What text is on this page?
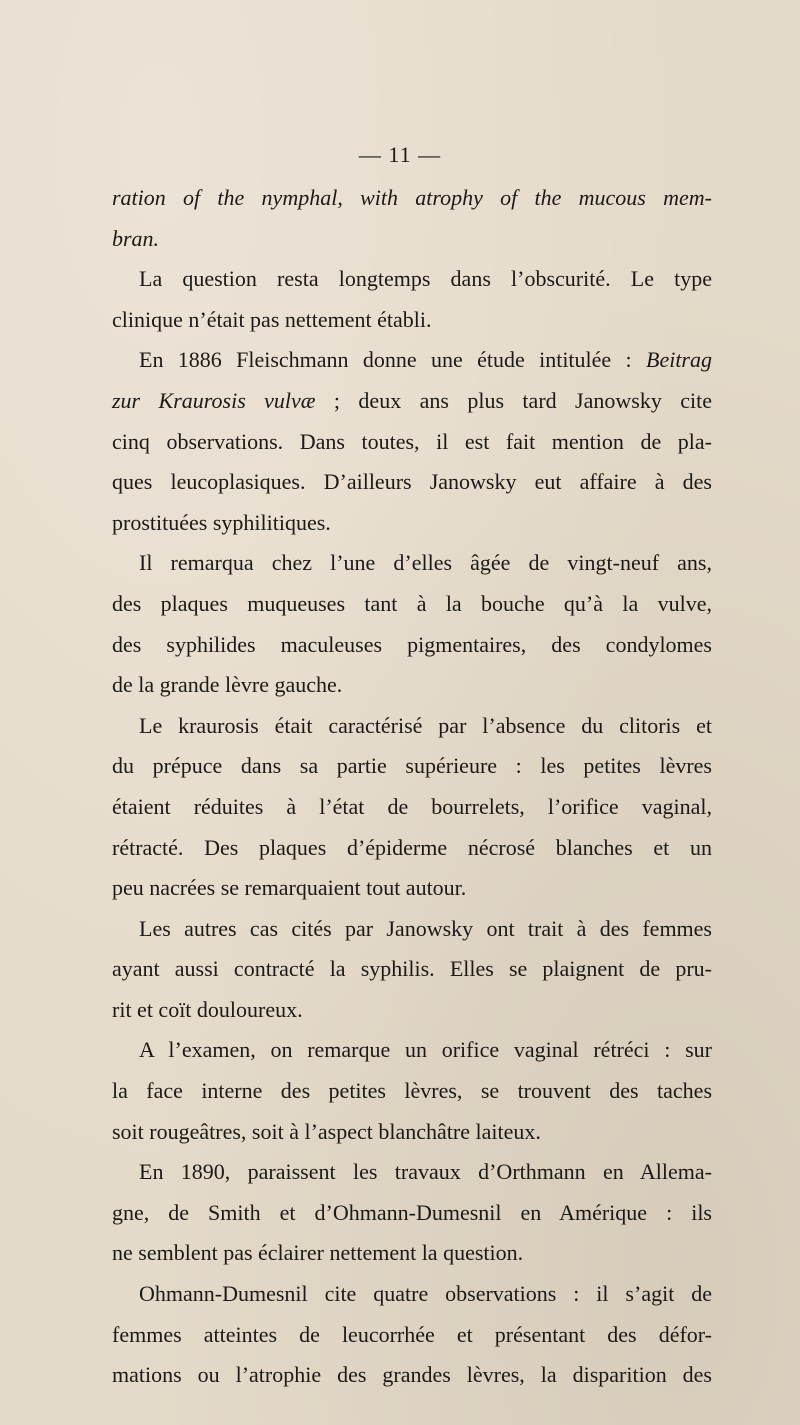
— 11 —
ration of the nymphal, with atrophy of the mucous mem-
bran.
La question resta longtemps dans l’obscurité. Le type
clinique n’était pas nettement établi.
En 1886 Fleischmann donne une étude intitulée : Beitrag
zur Kraurosis vulvæ ; deux ans plus tard Janowsky cite
cinq observations. Dans toutes, il est fait mention de pla-
ques leucoplasiques. D’ailleurs Janowsky eut affaire à des
prostituées syphilitiques.
Il remarqua chez l’une d’elles âgée de vingt-neuf ans,
des plaques muqueuses tant à la bouche qu’à la vulve,
des syphilides maculeuses pigmentaires, des condylomes
de la grande lèvre gauche.
Le kraurosis était caractérisé par l’absence du clitoris et
du prépuce dans sa partie supérieure : les petites lèvres
étaient réduites à l’état de bourrelets, l’orifice vaginal,
rétracté. Des plaques d’épiderme nécrosé blanches et un
peu nacrées se remarquaient tout autour.
Les autres cas cités par Janowsky ont trait à des femmes
ayant aussi contracté la syphilis. Elles se plaignent de pru-
rit et coït douloureux.
A l’examen, on remarque un orifice vaginal rétréci : sur
la face interne des petites lèvres, se trouvent des taches
soit rougeâtres, soit à l’aspect blanchâtre laiteux.
En 1890, paraissent les travaux d’Orthmann en Allema-
gne, de Smith et d’Ohmann-Dumesnil en Amérique : ils
ne semblent pas éclairer nettement la question.
Ohmann-Dumesnil cite quatre observations : il s’agit de
femmes atteintes de leucorrhée et présentant des défor-
mations ou l’atrophie des grandes lèvres, la disparition des
